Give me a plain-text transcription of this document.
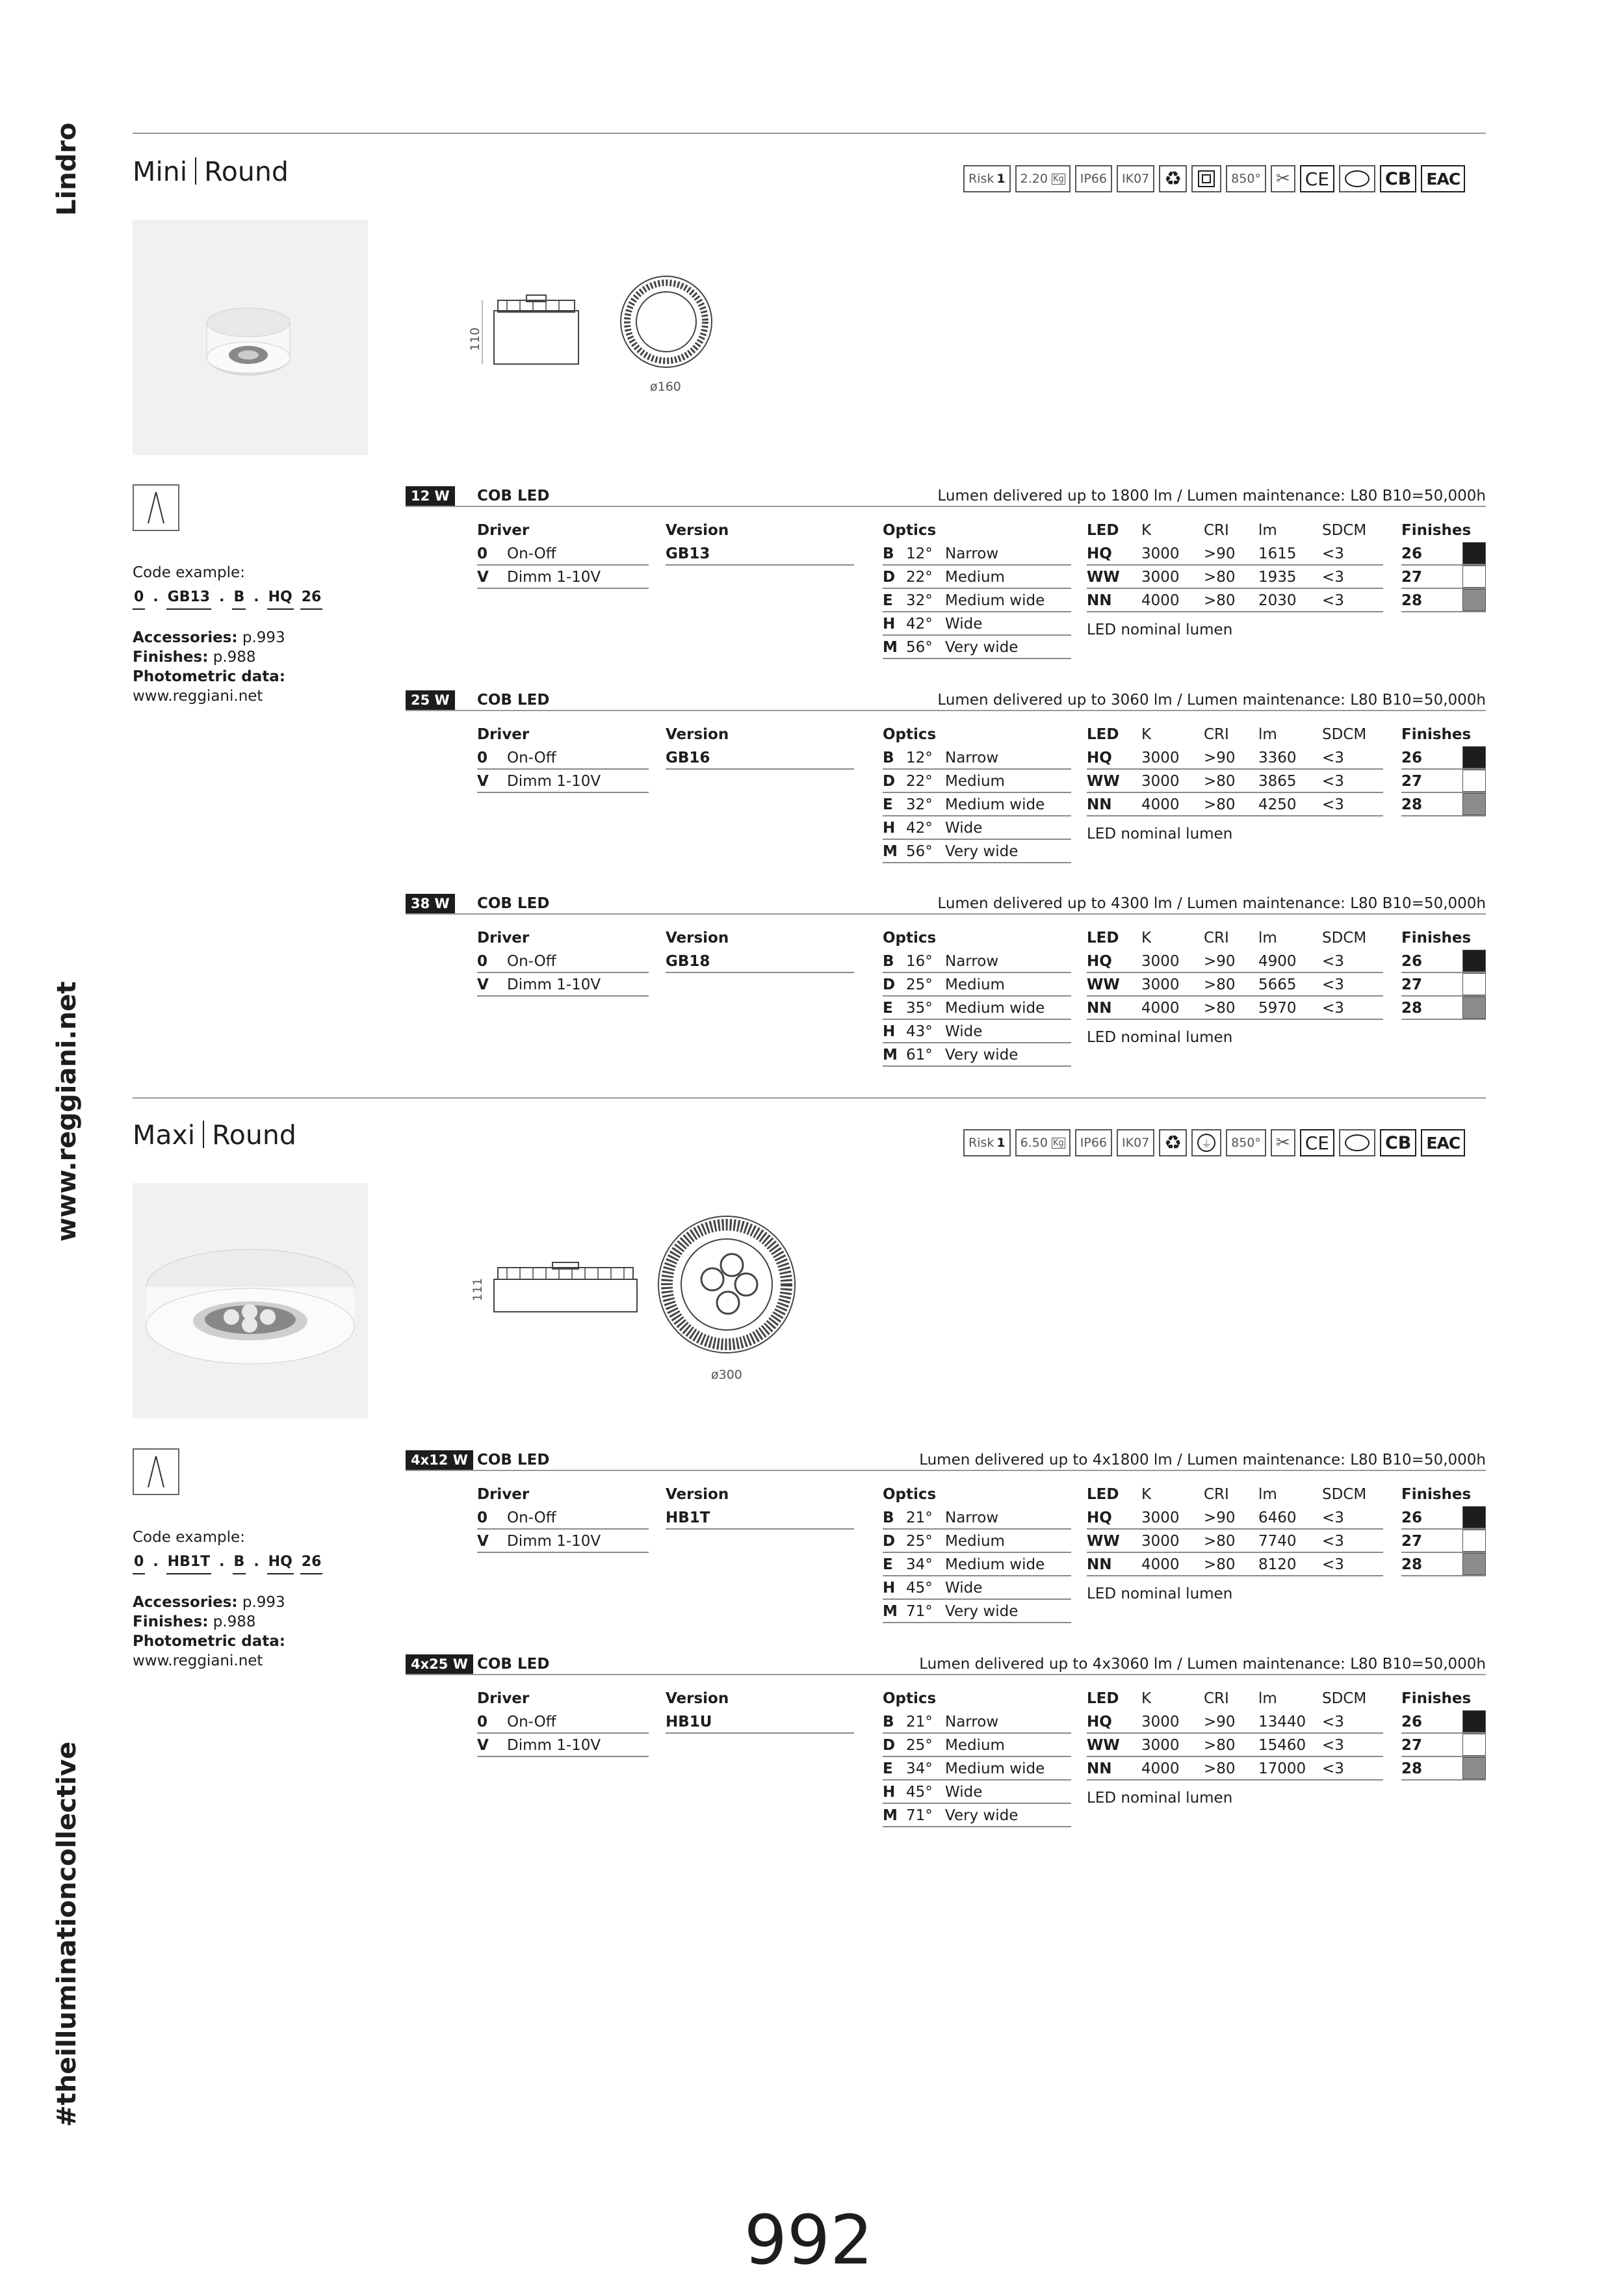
Lindro
www.reggiani.net
#theilluminationcollective
Mini Round	Risk 1 2.20
Kg	IP66	IK07 ♻	850° ✂ CE	CB EAC
110
ø160
Code example:
0 . GB13 . B . HQ 26
Accessories: p.993
Finishes: p.988
Photometric data:
www.reggiani.net
12 W	COB LED	Lumen delivered up to 1800 lm / Lumen maintenance: L80 B10=50,000h
Driver
0 On-Off
V Dimm 1-10V
Version
GB13
Optics
B 12° Narrow
D 22° Medium
E 32° Medium wide
H 42° Wide
M 56° Very wide
LED K	CRI lm	SDCM
HQ 3000 >90 1615 <3
WW 3000 >80 1935 <3
NN 4000 >80 2030 <3
LED nominal lumen
Finishes
26
27
28
25 W	COB LED	Lumen delivered up to 3060 lm / Lumen maintenance: L80 B10=50,000h
Driver
0 On-Off
V Dimm 1-10V
Version
GB16
Optics
B 12° Narrow
D 22° Medium
E 32° Medium wide
H 42° Wide
M 56° Very wide
LED K	CRI lm	SDCM
HQ 3000 >90 3360 <3
WW 3000 >80 3865 <3
NN 4000 >80 4250 <3
LED nominal lumen
Finishes
26
27
28
38 W	COB LED	Lumen delivered up to 4300 lm / Lumen maintenance: L80 B10=50,000h
Driver
0 On-Off
V Dimm 1-10V
Version
GB18
Optics
B 16° Narrow
D 25° Medium
E 35° Medium wide
H 43° Wide
M 61° Very wide
LED K	CRI lm	SDCM
HQ 3000 >90 4900 <3
WW 3000 >80 5665 <3
NN 4000 >80 5970 <3
LED nominal lumen
Finishes
26
27
28
Maxi Round	Risk 1 6.50
Kg	IP66	IK07 ♻	⏚	850° ✂ CE	CB EAC
111
ø300
Code example:
0 . HB1T . B . HQ 26
Accessories: p.993
Finishes: p.988
Photometric data:
www.reggiani.net
4x12 W COB LED	Lumen delivered up to 4x1800 lm / Lumen maintenance: L80 B10=50,000h
Driver
0 On-Off
V Dimm 1-10V
Version
HB1T
Optics
B 21° Narrow
D 25° Medium
E 34° Medium wide
H 45° Wide
M 71° Very wide
LED K	CRI lm	SDCM
HQ 3000 >90 6460 <3
WW 3000 >80 7740 <3
NN 4000 >80 8120 <3
LED nominal lumen
Finishes
26
27
28
4x25 W COB LED	Lumen delivered up to 4x3060 lm / Lumen maintenance: L80 B10=50,000h
Driver
0 On-Off
V Dimm 1-10V
Version
HB1U
Optics
B 21° Narrow
D 25° Medium
E 34° Medium wide
H 45° Wide
M 71° Very wide
LED K	CRI lm	SDCM
HQ 3000 >90 13440 <3
WW 3000 >80 15460 <3
NN 4000 >80 17000 <3
LED nominal lumen
Finishes
26
27
28
992
